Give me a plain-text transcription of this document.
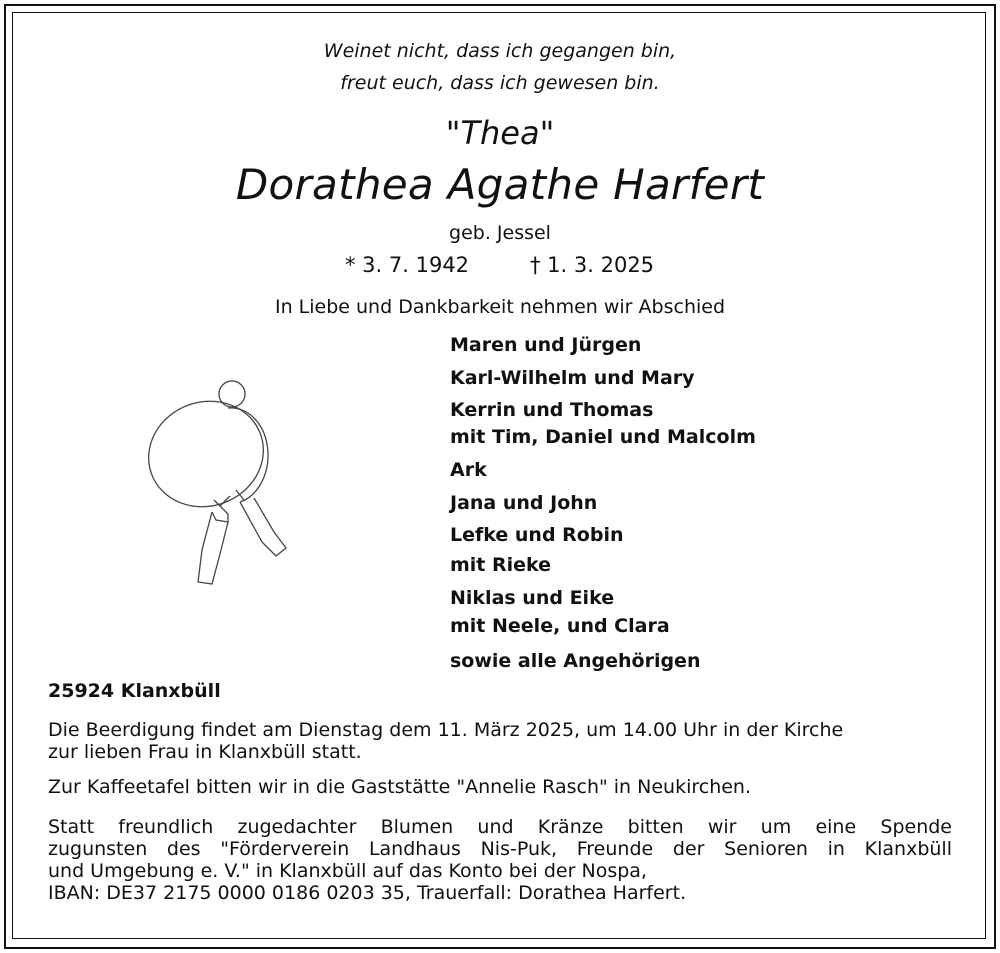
Weinet nicht, dass ich gegangen bin,
freut euch, dass ich gewesen bin.
"Thea"
Dorathea Agathe Harfert
geb. Jessel
* 3. 7. 1942	† 1. 3. 2025
In Liebe und Dankbarkeit nehmen wir Abschied
Maren und Jürgen
Karl-Wilhelm und Mary
Kerrin und Thomas
mit Tim, Daniel und Malcolm
Ark
Jana und John
Lefke und Robin
mit Rieke
Niklas und Eike
mit Neele, und Clara
sowie alle Angehörigen
25924 Klanxbüll
Die Beerdigung findet am Dienstag dem 11. März 2025, um 14.00 Uhr in der Kirche
zur lieben Frau in Klanxbüll statt.
Zur Kaffeetafel bitten wir in die Gaststätte "Annelie Rasch" in Neukirchen.
Statt freundlich zugedachter Blumen und Kränze bitten wir um eine Spende
zugunsten des "Förderverein Landhaus Nis-Puk, Freunde der Senioren in Klanxbüll
und Umgebung e. V." in Klanxbüll auf das Konto bei der Nospa,
IBAN: DE37 2175 0000 0186 0203 35, Trauerfall: Dorathea Harfert.
